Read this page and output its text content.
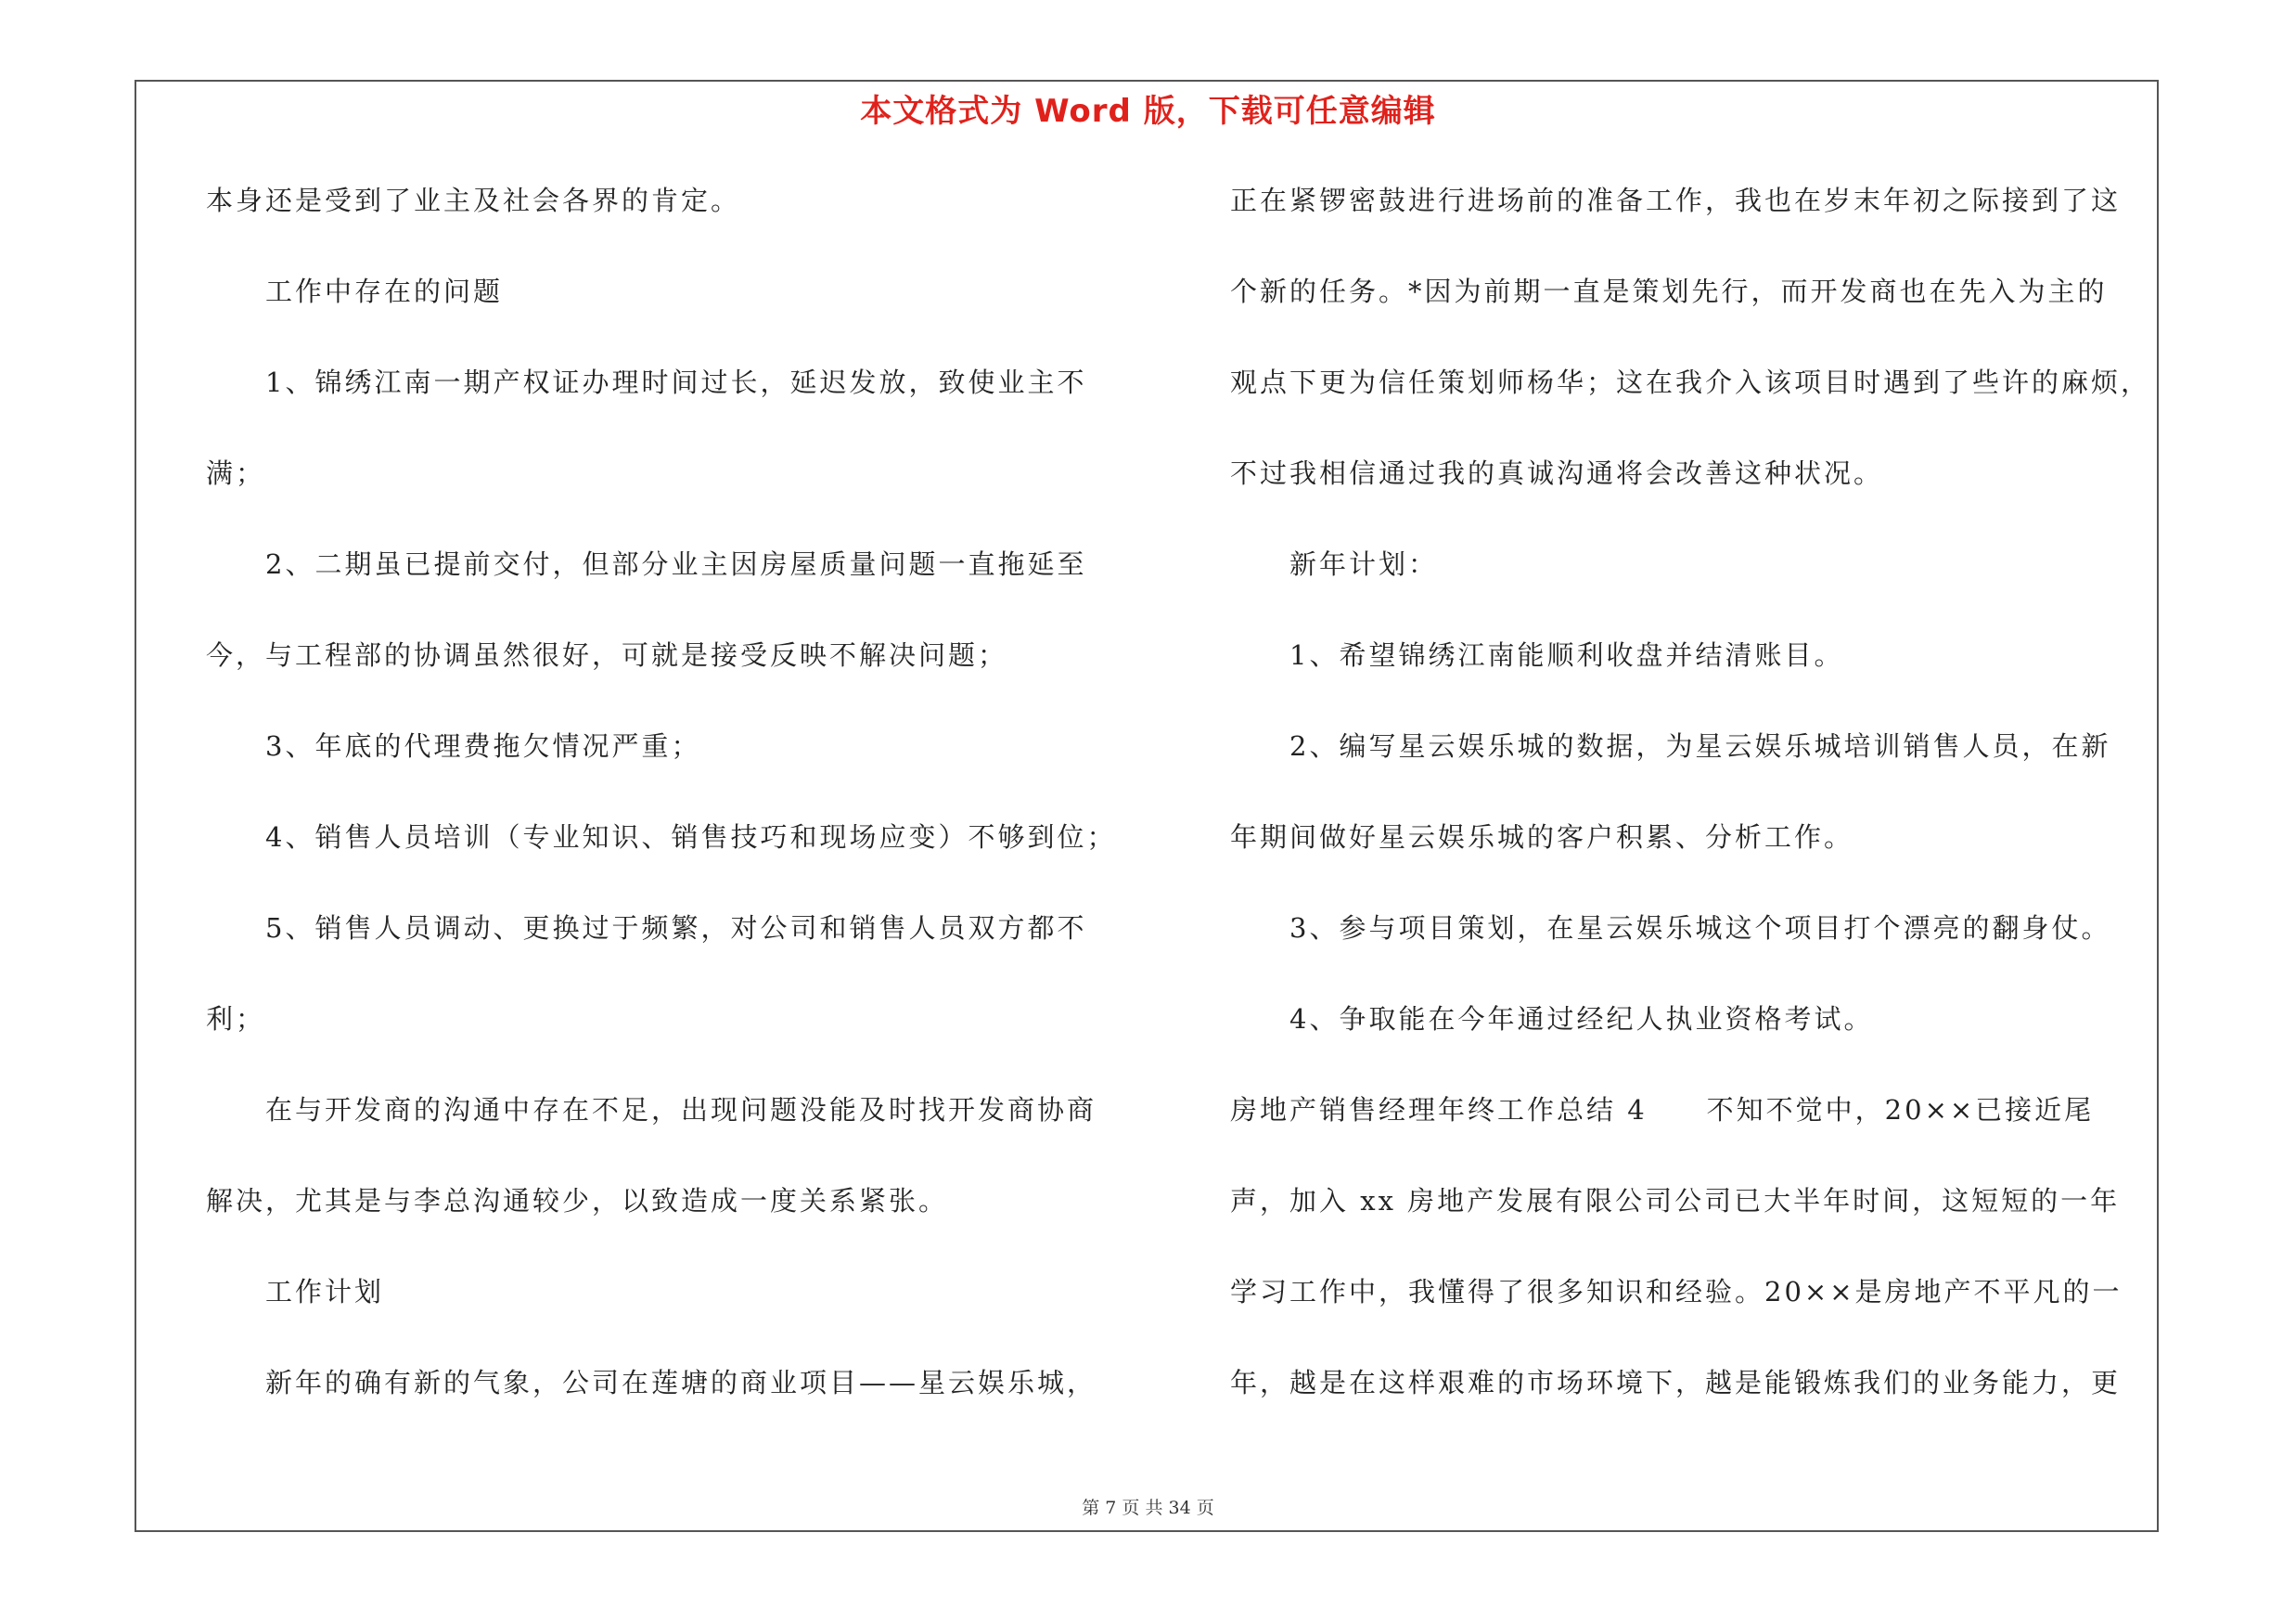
本文格式为 Word 版，下载可任意编辑
本身还是受到了业主及社会各界的肯定。
　　工作中存在的问题
　　1、锦绣江南一期产权证办理时间过长，延迟发放，致使业主不
满；
　　2、二期虽已提前交付，但部分业主因房屋质量问题一直拖延至
今，与工程部的协调虽然很好，可就是接受反映不解决问题；
　　3、年底的代理费拖欠情况严重；
　　4、销售人员培训（专业知识、销售技巧和现场应变）不够到位；
　　5、销售人员调动、更换过于频繁，对公司和销售人员双方都不
利；
　　在与开发商的沟通中存在不足，出现问题没能及时找开发商协商
解决，尤其是与李总沟通较少，以致造成一度关系紧张。
　　工作计划
　　新年的确有新的气象，公司在莲塘的商业项目——星云娱乐城，
正在紧锣密鼓进行进场前的准备工作，我也在岁末年初之际接到了这
个新的任务。*因为前期一直是策划先行，而开发商也在先入为主的
观点下更为信任策划师杨华；这在我介入该项目时遇到了些许的麻烦，
不过我相信通过我的真诚沟通将会改善这种状况。
　　新年计划：
　　1、希望锦绣江南能顺利收盘并结清账目。
　　2、编写星云娱乐城的数据，为星云娱乐城培训销售人员，在新
年期间做好星云娱乐城的客户积累、分析工作。
　　3、参与项目策划，在星云娱乐城这个项目打个漂亮的翻身仗。
　　4、争取能在今年通过经纪人执业资格考试。
房地产销售经理年终工作总结 4　　不知不觉中，20××已接近尾
声，加入 xx 房地产发展有限公司公司已大半年时间，这短短的一年
学习工作中，我懂得了很多知识和经验。20××是房地产不平凡的一
年，越是在这样艰难的市场环境下，越是能锻炼我们的业务能力，更
第 7 页 共 34 页
